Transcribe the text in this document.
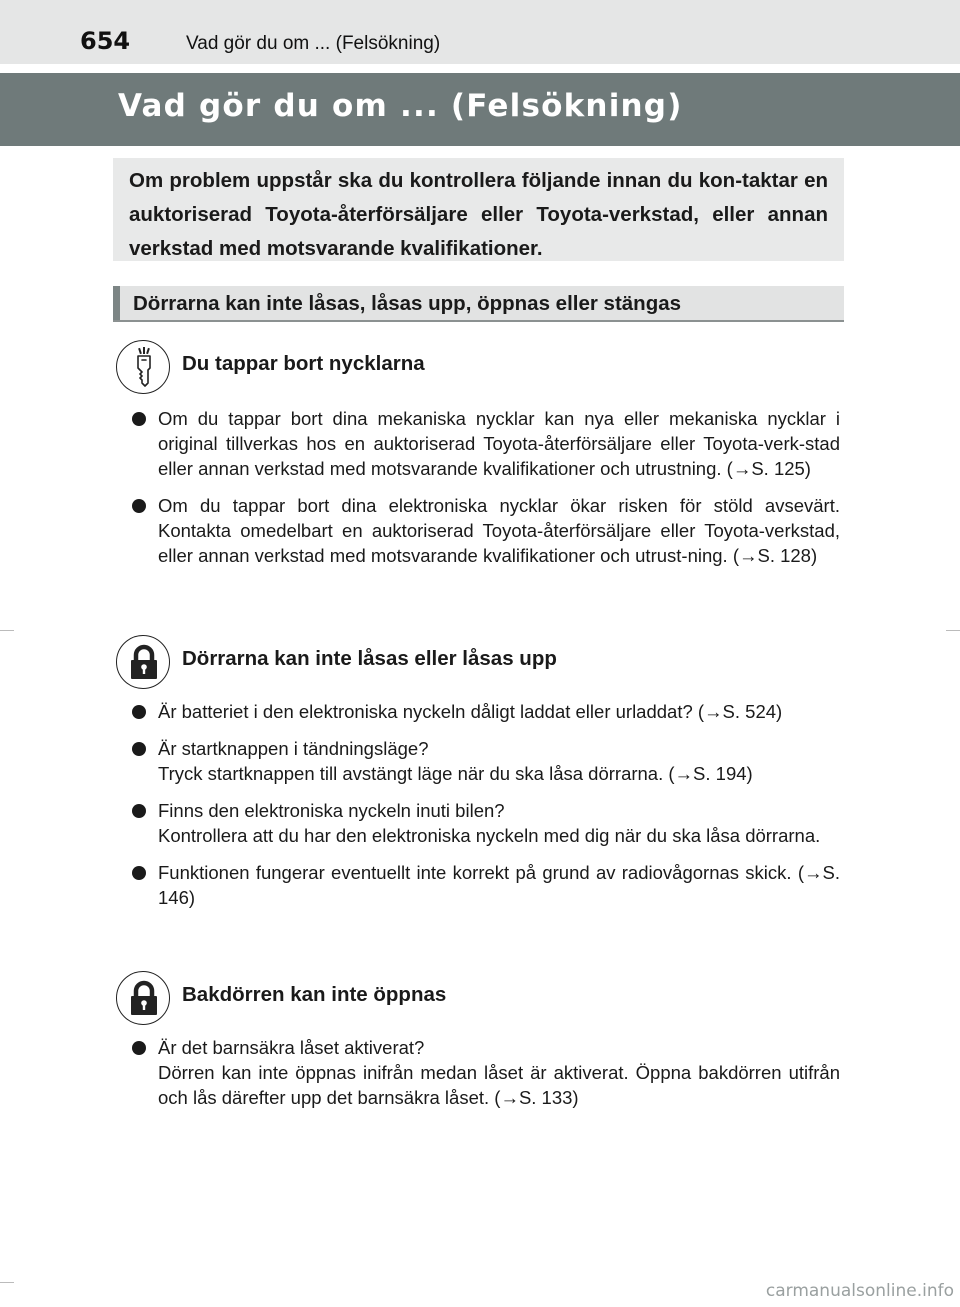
654	Vad gör du om ... (Felsökning)
Vad gör du om ... (Felsökning)

Om problem uppstår ska du kontrollera följande innan du kon-taktar en auktoriserad Toyota-återförsäljare eller Toyota-verkstad, eller annan verkstad med motsvarande kvalifikationer.

Dörrarna kan inte låsas, låsas upp, öppnas eller stängas
Du tappar bort nycklarna
Om du tappar bort dina mekaniska nycklar kan nya eller mekaniska nycklar i original tillverkas hos en auktoriserad Toyota-återförsäljare eller Toyota-verk-stad eller annan verkstad med motsvarande kvalifikationer och utrustning. (→S. 125)
Om du tappar bort dina elektroniska nycklar ökar risken för stöld avsevärt. Kontakta omedelbart en auktoriserad Toyota-återförsäljare eller Toyota-verkstad, eller annan verkstad med motsvarande kvalifikationer och utrust-ning. (→S. 128)
Dörrarna kan inte låsas eller låsas upp
Är batteriet i den elektroniska nyckeln dåligt laddat eller urladdat? (→S. 524)
Är startknappen i tändningsläge?
Tryck startknappen till avstängt läge när du ska låsa dörrarna. (→S. 194)
Finns den elektroniska nyckeln inuti bilen?
Kontrollera att du har den elektroniska nyckeln med dig när du ska låsa dörrarna.
Funktionen fungerar eventuellt inte korrekt på grund av radiovågornas skick. (→S. 146)
Bakdörren kan inte öppnas
Är det barnsäkra låset aktiverat?
Dörren kan inte öppnas inifrån medan låset är aktiverat. Öppna bakdörren utifrån och lås därefter upp det barnsäkra låset. (→S. 133)
carmanualsonline.info
